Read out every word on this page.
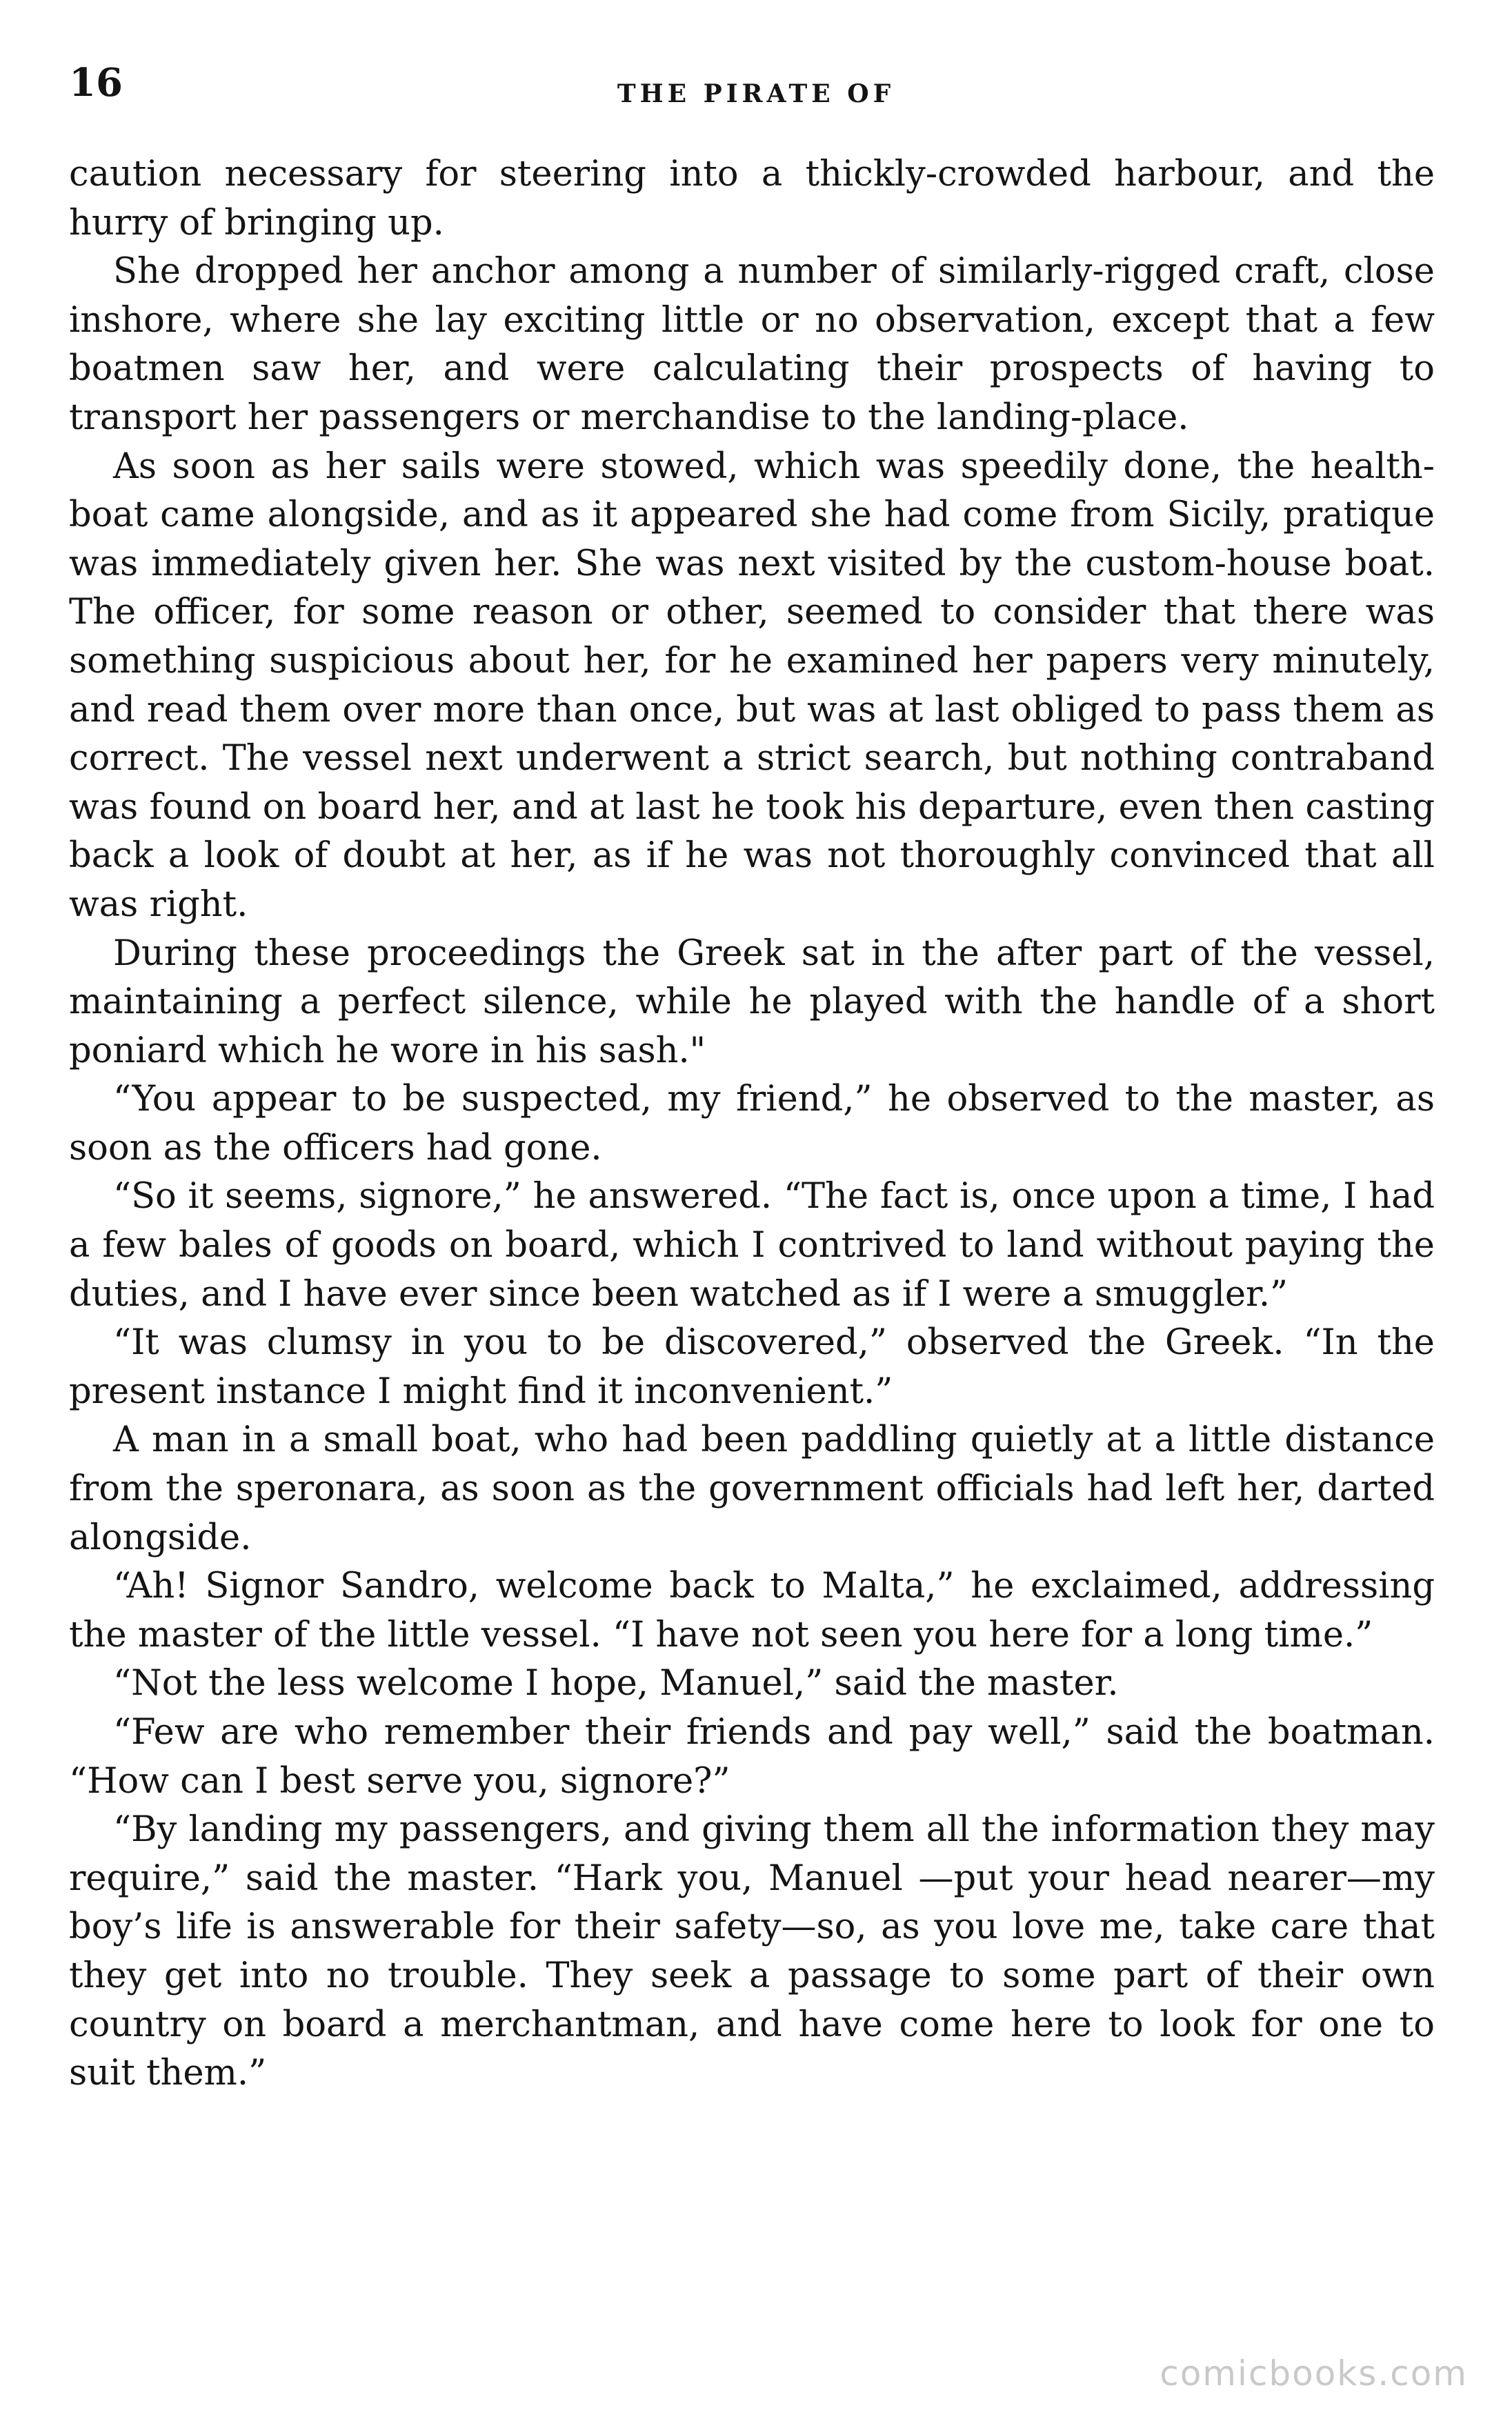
16	THE PIRATE OF

caution necessary for steering into a thickly-crowded harbour, and the hurry of bringing up.

She dropped her anchor among a number of similarly-rigged craft, close inshore, where she lay exciting little or no observation, except that a few boatmen saw her, and were calculating their prospects of having to transport her passengers or merchandise to the landing-place.

As soon as her sails were stowed, which was speedily done, the health-boat came alongside, and as it appeared she had come from Sicily, pratique was immediately given her. She was next visited by the custom-house boat. The officer, for some reason or other, seemed to consider that there was something suspicious about her, for he examined her papers very minutely, and read them over more than once, but was at last obliged to pass them as correct. The vessel next underwent a strict search, but nothing contraband was found on board her, and at last he took his departure, even then casting back a look of doubt at her, as if he was not thoroughly convinced that all was right.

During these proceedings the Greek sat in the after part of the vessel, maintaining a perfect silence, while he played with the handle of a short poniard which he wore in his sash."

“You appear to be suspected, my friend,” he observed to the master, as soon as the officers had gone.

“So it seems, signore,” he answered. “The fact is, once upon a time, I had a few bales of goods on board, which I contrived to land without paying the duties, and I have ever since been watched as if I were a smuggler.”

“It was clumsy in you to be discovered,” observed the Greek. “In the present instance I might find it inconvenient.”

A man in a small boat, who had been paddling quietly at a little distance from the speronara, as soon as the government officials had left her, darted alongside.

“Ah! Signor Sandro, welcome back to Malta,” he exclaimed, addressing the master of the little vessel. “I have not seen you here for a long time.”

“Not the less welcome I hope, Manuel,” said the master.

“Few are who remember their friends and pay well,” said the boatman. “How can I best serve you, signore?”

“By landing my passengers, and giving them all the information they may require,” said the master. “Hark you, Manuel —put your head nearer—my boy’s life is answerable for their safety—so, as you love me, take care that they get into no trouble. They seek a passage to some part of their own country on board a merchantman, and have come here to look for one to suit them.”

comicbooks.com
